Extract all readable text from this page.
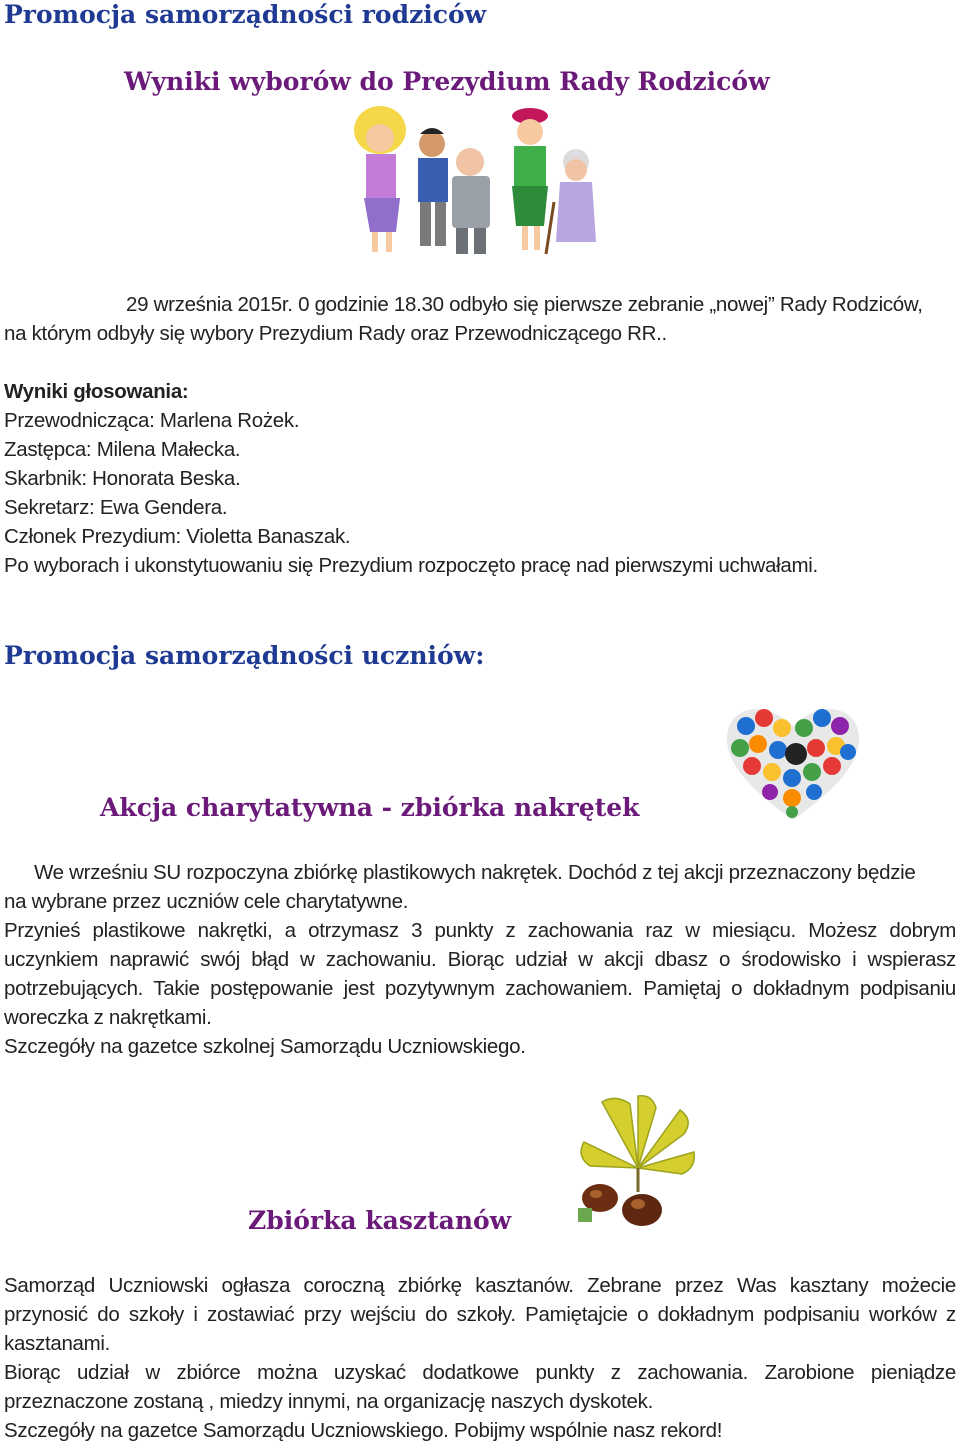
Promocja samorządności rodziców
Wyniki wyborów do Prezydium Rady Rodziców
29 września 2015r. 0 godzinie 18.30 odbyło się pierwsze zebranie „nowej” Rady Rodziców,
na którym odbyły się wybory Prezydium Rady oraz Przewodniczącego RR..
Wyniki głosowania:
Przewodnicząca: Marlena Rożek.
Zastępca: Milena Małecka.
Skarbnik: Honorata Beska.
Sekretarz: Ewa Gendera.
Członek Prezydium: Violetta Banaszak.
Po wyborach i ukonstytuowaniu się Prezydium rozpoczęto pracę nad pierwszymi uchwałami.
Promocja samorządności uczniów:
Akcja charytatywna - zbiórka nakrętek
We wrześniu SU rozpoczyna zbiórkę plastikowych nakrętek. Dochód z tej akcji przeznaczony będzie
na wybrane przez uczniów cele charytatywne.
Przynieś plastikowe nakrętki, a otrzymasz 3 punkty z zachowania raz w miesiącu. Możesz dobrym uczynkiem naprawić swój błąd w zachowaniu. Biorąc udział w akcji dbasz o środowisko i wspierasz potrzebujących. Takie postępowanie jest pozytywnym zachowaniem. Pamiętaj o dokładnym podpisaniu woreczka z nakrętkami.
Szczegóły na gazetce szkolnej Samorządu Uczniowskiego.
Zbiórka kasztanów
Samorząd Uczniowski ogłasza coroczną zbiórkę kasztanów. Zebrane przez Was kasztany możecie przynosić do szkoły i zostawiać przy wejściu do szkoły. Pamiętajcie o dokładnym podpisaniu worków z kasztanami.
Biorąc udział w zbiórce można uzyskać dodatkowe punkty z zachowania. Zarobione pieniądze przeznaczone zostaną , miedzy innymi, na organizację naszych dyskotek.
Szczegóły na gazetce Samorządu Uczniowskiego. Pobijmy wspólnie nasz rekord!
